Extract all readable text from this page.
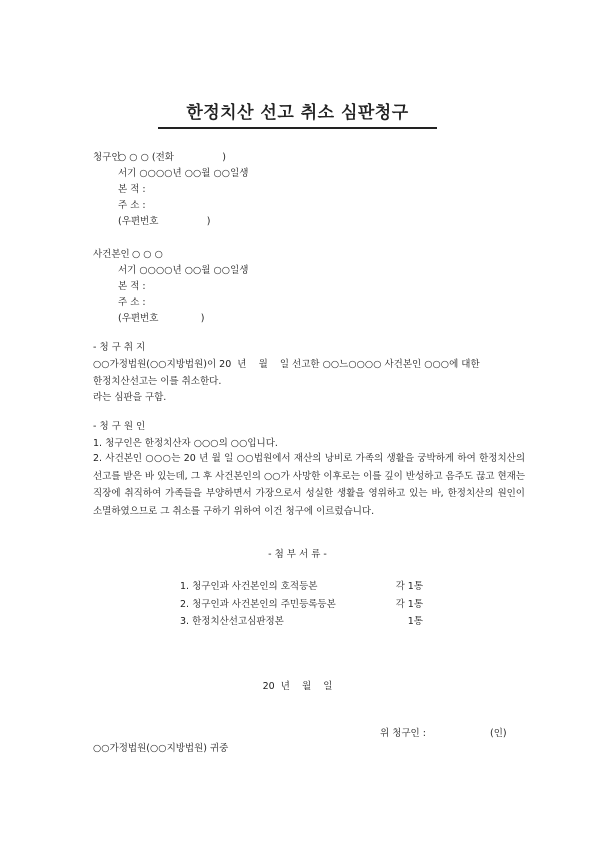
한정치산 선고 취소 심판청구
청구인
○ ○ ○ (전화                )
서기 ○○○○년 ○○월 ○○일생
본 적 :
주 소 :
(우편번호                )
사건본인 ○ ○ ○
서기 ○○○○년 ○○월 ○○일생
본 적 :
주 소 :
(우편번호              )
- 청 구 취 지
○○가정법원(○○지방법원)이 20  년    월    일 선고한 ○○느○○○○ 사건본인 ○○○에 대한
한정치산선고는 이를 취소한다.
라는 심판을 구함.
- 청 구 원 인
1. 청구인은 한정치산자 ○○○의 ○○입니다.
2. 사건본인 ○○○는 20 년 월 일 ○○법원에서 재산의 낭비로 가족의 생활을 궁박하게 하여 한정치산의 선고를 받은 바 있는데, 그 후 사건본인의 ○○가 사망한 이후로는 이를 깊이 반성하고 음주도 끊고 현재는 직장에 취직하여 가족들을 부양하면서 가장으로서 성실한 생활을 영위하고 있는 바, 한정치산의 원인이 소멸하였으므로 그 취소를 구하기 위하여 이건 청구에 이르렀습니다.
- 첨 부 서 류 -
1. 청구인과 사건본인의 호적등본	각 1통
2. 청구인과 사건본인의 주민등록등본	각 1통
3. 한정치산선고심판정본	1통
20  년    월    일
위 청구인 :	(인)
○○가정법원(○○지방법원) 귀중
